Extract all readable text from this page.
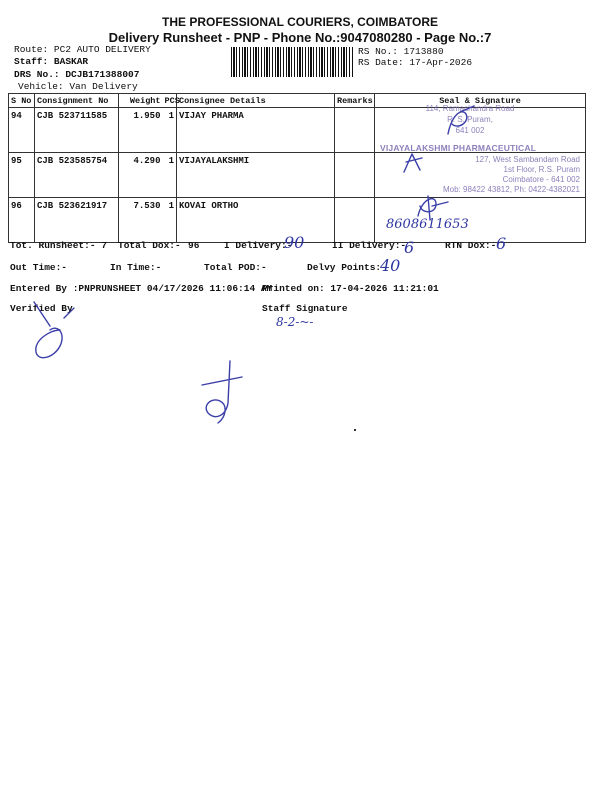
THE PROFESSIONAL COURIERS, COIMBATORE
Delivery Runsheet - PNP - Phone No.:9047080280 - Page No.:7
Route: PC2 AUTO DELIVERY
Staff: BASKAR
DRS No.: DCJB171388007
Vehicle: Van Delivery
RS No.: 1713880
RS Date: 17-Apr-2026
S No	Consignment No	Weight	PCS	Consignee Details	Remarks	Seal & Signature
94	CJB 523711585	1.950	1	VIJAY PHARMA		
95	CJB 523585754	4.290	1	VIJAYALAKSHMI		
96	CJB 523621917	7.530	1	KOVAI ORTHO		
114, Ramachandra Road
R. S. Puram,
641 002
VIJAYALAKSHMI PHARMACEUTICAL
127, West Sambandam Road
1st Floor, R.S. Puram
Coimbatore - 641 002
Mob: 98422 43812, Ph: 0422-4382021
8608611653
Tot. Runsheet:- 7 Total Dox:- 96	I Delivery:-
90	II Delivery:-
6	RTN Dox:- 6
Out Time:-	In Time:-	Total POD:-	Delvy Points:-
40
Entered By :PNPRUNSHEET 04/17/2026 11:06:14 AM
Printed on: 17-04-2026 11:21:01
Verified By	Staff Signature
8-2-~-
